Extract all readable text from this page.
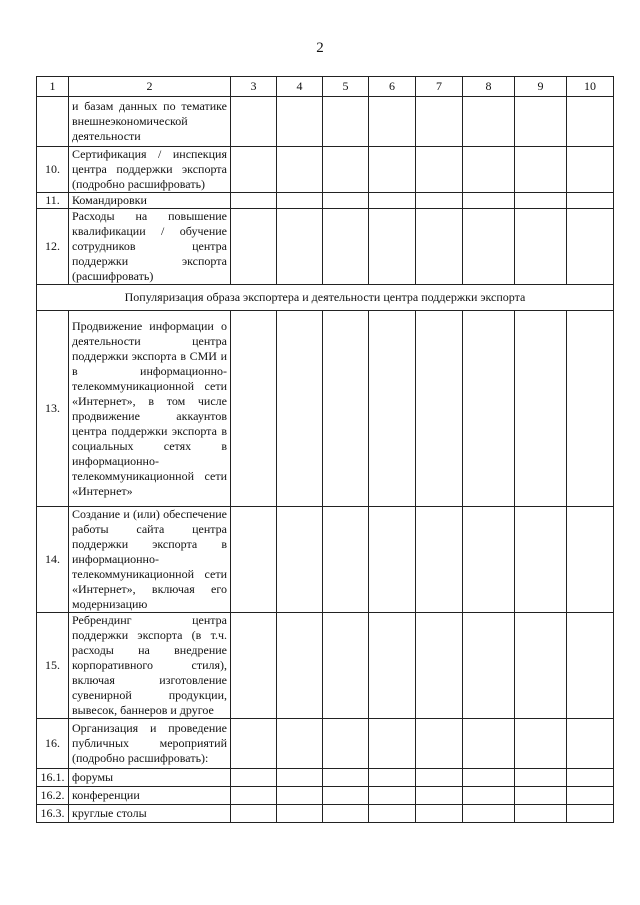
2
1	2	3	4	5	6	7	8	9	10
	и базам данных по тематике внешнеэкономической деятельности								
10.	Сертификация / инспекция центра поддержки экспорта (подробно расшифровать)								
11.	Командировки								
12.	Расходы на повышение квалификации / обучение сотрудников центра поддержки экспорта (расшифровать)								
Популяризация образа экспортера и деятельности центра поддержки экспорта									
13.	Продвижение информации о деятельности центра поддержки экспорта в СМИ и в информационно-телекоммуникационной сети «Интернет», в том числе продвижение аккаунтов центра поддержки экспорта в социальных сетях в информационно-телекоммуникационной сети «Интернет»								
14.	Создание и (или) обеспечение работы сайта центра поддержки экспорта в информационно-телекоммуникационной сети «Интернет», включая его модернизацию								
15.	Ребрендинг центра поддержки экспорта (в т.ч. расходы на внедрение корпоративного стиля), включая изготовление сувенирной продукции, вывесок, баннеров и другое								
16.	Организация и проведение публичных мероприятий (подробно расшифровать):								
16.1.	форумы								
16.2.	конференции								
16.3.	круглые столы								
